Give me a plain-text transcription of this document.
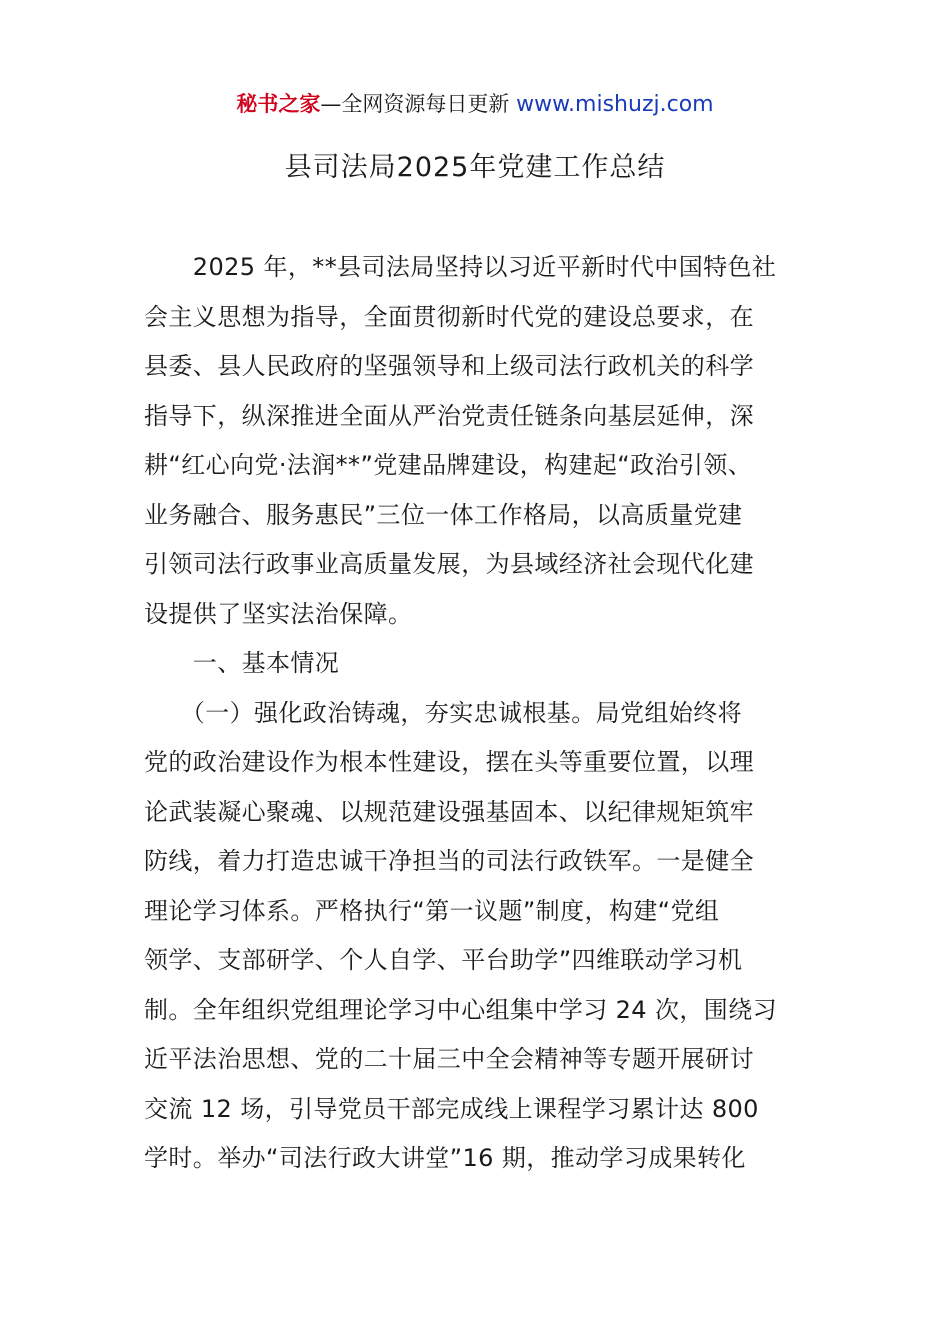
秘书之家—全网资源每日更新 www.mishuzj.com
县司法局2025年党建工作总结
　　2025 年，**县司法局坚持以习近平新时代中国特色社
会主义思想为指导，全面贯彻新时代党的建设总要求，在
县委、县人民政府的坚强领导和上级司法行政机关的科学
指导下，纵深推进全面从严治党责任链条向基层延伸，深
耕“红心向党·法润**”党建品牌建设，构建起“政治引领、
业务融合、服务惠民”三位一体工作格局，以高质量党建
引领司法行政事业高质量发展，为县域经济社会现代化建
设提供了坚实法治保障。
　　一、基本情况
　　（一）强化政治铸魂，夯实忠诚根基。局党组始终将
党的政治建设作为根本性建设，摆在头等重要位置，以理
论武装凝心聚魂、以规范建设强基固本、以纪律规矩筑牢
防线，着力打造忠诚干净担当的司法行政铁军。一是健全
理论学习体系。严格执行“第一议题”制度，构建“党组
领学、支部研学、个人自学、平台助学”四维联动学习机
制。全年组织党组理论学习中心组集中学习 24 次，围绕习
近平法治思想、党的二十届三中全会精神等专题开展研讨
交流 12 场，引导党员干部完成线上课程学习累计达 800
学时。举办“司法行政大讲堂”16 期，推动学习成果转化
